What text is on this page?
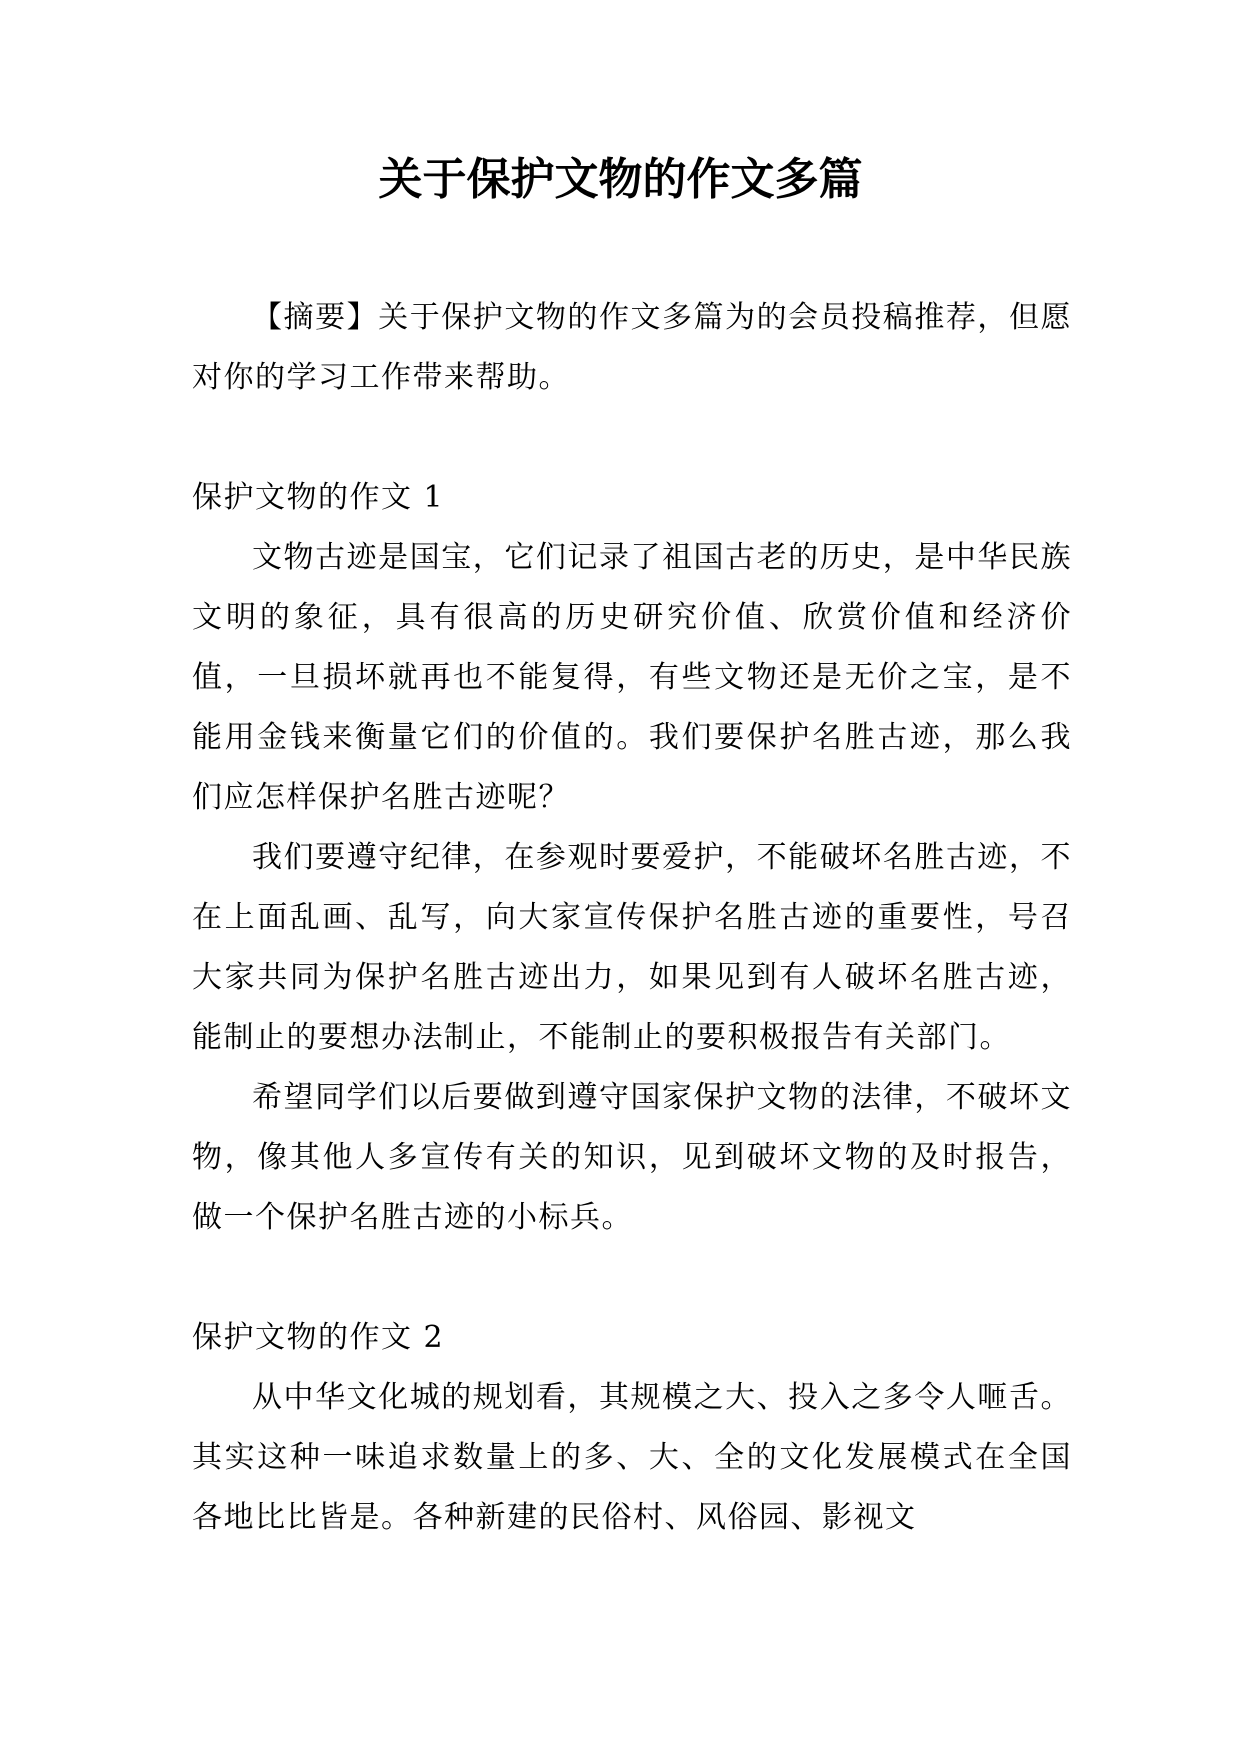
关于保护文物的作文多篇

【摘要】关于保护文物的作文多篇为的会员投稿推荐，但愿对你的学习工作带来帮助。

保护文物的作文 1

文物古迹是国宝，它们记录了祖国古老的历史，是中华民族文明的象征，具有很高的历史研究价值、欣赏价值和经济价值，一旦损坏就再也不能复得，有些文物还是无价之宝，是不能用金钱来衡量它们的价值的。我们要保护名胜古迹，那么我们应怎样保护名胜古迹呢？

我们要遵守纪律，在参观时要爱护，不能破坏名胜古迹，不在上面乱画、乱写，向大家宣传保护名胜古迹的重要性，号召大家共同为保护名胜古迹出力，如果见到有人破坏名胜古迹，能制止的要想办法制止，不能制止的要积极报告有关部门。

希望同学们以后要做到遵守国家保护文物的法律，不破坏文物，像其他人多宣传有关的知识，见到破坏文物的及时报告，做一个保护名胜古迹的小标兵。

保护文物的作文 2

从中华文化城的规划看，其规模之大、投入之多令人咂舌。其实这种一味追求数量上的多、大、全的文化发展模式在全国各地比比皆是。各种新建的民俗村、风俗园、影视文
